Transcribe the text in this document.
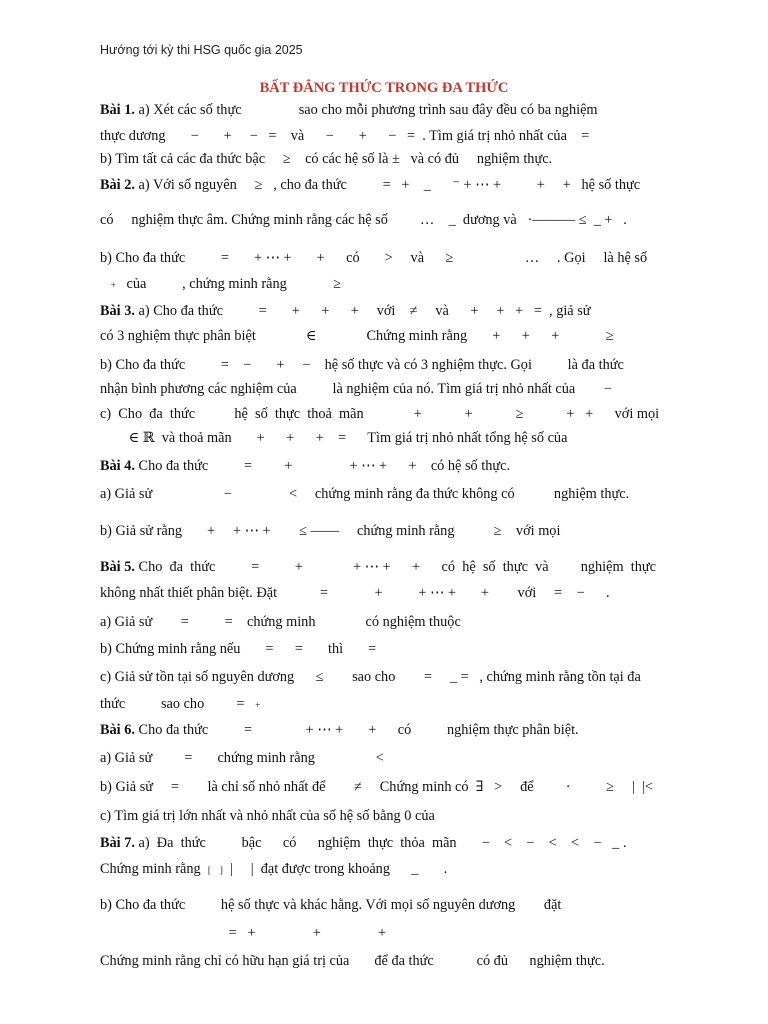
Hướng tới kỳ thi HSG quốc gia 2025
BẤT ĐẲNG THỨC TRONG ĐA THỨC
Bài 1. a) Xét các số thực                sao cho mỗi phương trình sau đây đều có ba nghiệm
thực dương       −       +     −   =    và      −       +      −   =  . Tìm giá trị nhỏ nhất của    =
b) Tìm tất cả các đa thức bậc     ≥    có các hệ số là ±   và có đủ     nghiệm thực.
Bài 2. a) Với số nguyên     ≥   , cho đa thức          =   +    _      ⁻ + ⋯ +          +     +   hệ số thực
có     nghiệm thực âm. Chứng minh rằng các hệ số         …    _  dương và   ·——— ≤  _ +   .
b) Cho đa thức          =       + ⋯ +       +      có       >     và      ≥                    …     . Gọi     là hệ số
+   của          , chứng minh rằng             ≥
Bài 3. a) Cho đa thức          =       +      +      +     với    ≠     và      +     +   +   =  , giả sử
có 3 nghiệm thực phân biệt              ∈              Chứng minh rằng       +      +      +             ≥
b) Cho đa thức          =    −       +     −    hệ số thực và có 3 nghiệm thực. Gọi          là đa thức
nhận bình phương các nghiệm của          là nghiệm của nó. Tìm giá trị nhỏ nhất của        −
c)  Cho  đa  thức           hệ  số  thực  thoả  mãn              +            +            ≥            +   +      với mọi
∈ ℝ  và thoả mãn       +      +      +    =      Tìm giá trị nhỏ nhất tổng hệ số của
Bài 4. Cho đa thức          =         +                + ⋯ +      +    có hệ số thực.
a) Giả sử                    −                <     chứng minh rằng đa thức không có           nghiệm thực.
b) Giả sử rằng       +     + ⋯ +        ≤ ——     chứng minh rằng           ≥    với mọi
Bài 5. Cho  đa  thức          =          +              + ⋯ +      +      có  hệ  số  thực  và         nghiệm  thực
không nhất thiết phân biệt. Đặt            =             +          + ⋯ +       +        với     =    −      .
a) Giả sử        =          =    chứng minh              có nghiệm thuộc
b) Chứng minh rằng nếu       =      =       thì       =
c) Giả sử tồn tại số nguyên dương      ≤        sao cho        =     _ =   , chứng minh rằng tồn tại đa
thức          sao cho         =   +
Bài 6. Cho đa thức          =               + ⋯ +       +      có          nghiệm thực phân biệt.
a) Giả sử         =       chứng minh rằng                 <
b) Giả sử     =        là chỉ số nhỏ nhất để        ≠     Chứng minh có  ∃   >     để         ·          ≥     |  |<
c) Tìm giá trị lớn nhất và nhỏ nhất của số hệ số bằng 0 của
Bài 7. a)  Đa  thức          bậc      có      nghiệm  thực  thỏa  mãn       −    <    −    <    <    −   _ .
Chứng minh rằng  [    ]  |     |  đạt được trong khoảng      _       .
b) Cho đa thức          hệ số thực và khác hằng. Với mọi số nguyên dương        đặt
=   +                +                +
Chứng minh rằng chỉ có hữu hạn giá trị của       để đa thức            có đủ      nghiệm thực.
